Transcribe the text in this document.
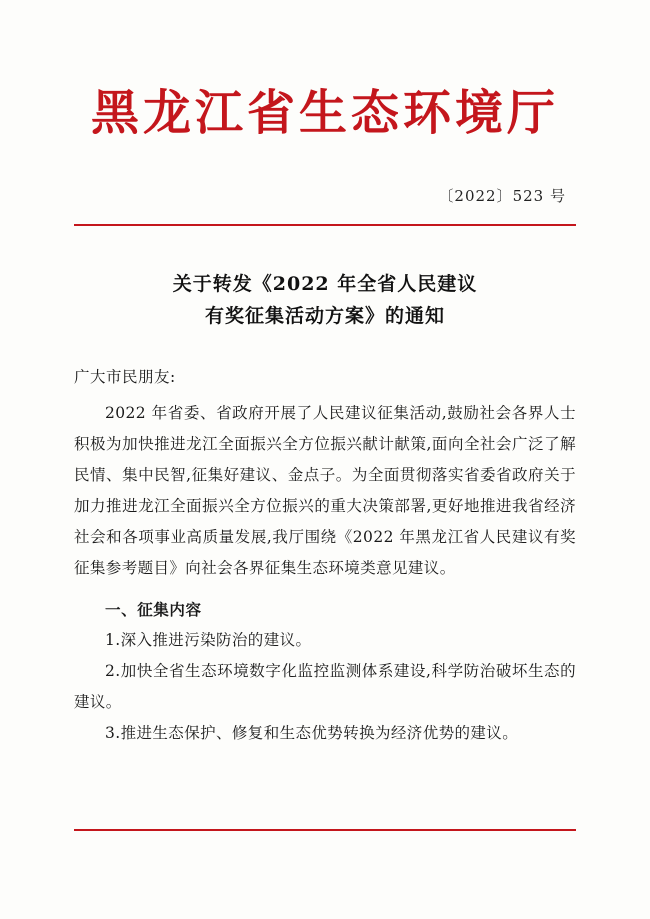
黑龙江省生态环境厅
〔2022〕523 号
关于转发《2022 年全省人民建议
有奖征集活动方案》的通知
广大市民朋友:

2022 年省委、省政府开展了人民建议征集活动,鼓励社会各界人士积极为加快推进龙江全面振兴全方位振兴献计献策,面向全社会广泛了解民情、集中民智,征集好建议、金点子。为全面贯彻落实省委省政府关于加力推进龙江全面振兴全方位振兴的重大决策部署,更好地推进我省经济社会和各项事业高质量发展,我厅围绕《2022 年黑龙江省人民建议有奖征集参考题目》向社会各界征集生态环境类意见建议。

一、征集内容

1.深入推进污染防治的建议。

2.加快全省生态环境数字化监控监测体系建设,科学防治破坏生态的建议。

3.推进生态保护、修复和生态优势转换为经济优势的建议。
